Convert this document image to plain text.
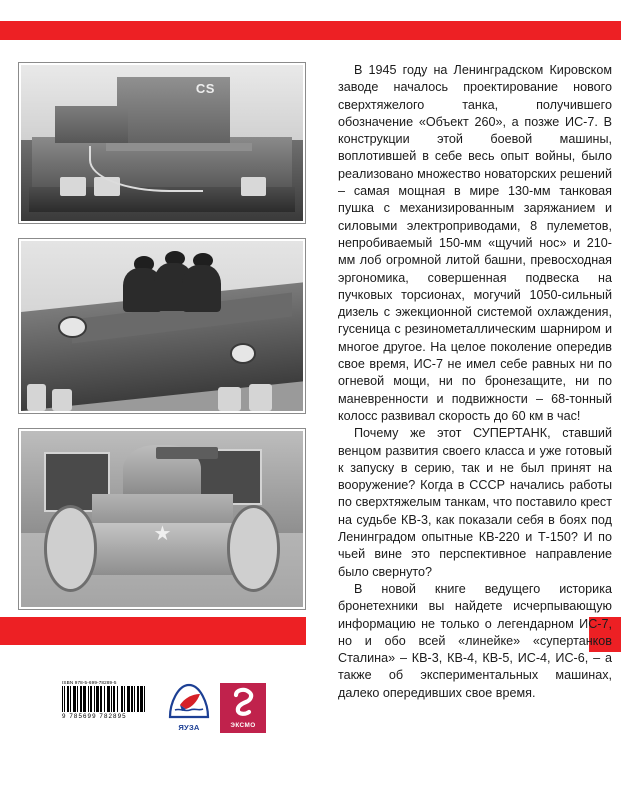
CS
★

В 1945 году на Ленинградском Кировском заводе началось проектирование нового сверхтяжелого танка, получившего обозначение «Объект 260», а позже ИС-7. В конструкции этой боевой машины, воплотившей в себе весь опыт войны, было реализовано множество новаторских решений – самая мощная в мире 130-мм танковая пушка с механизированным заряжанием и силовыми электроприводами, 8 пулеметов, непробиваемый 150-мм «щучий нос» и 210-мм лоб огромной литой башни, превосходная эргономика, совершенная подвеска на пучковых торсионах, могучий 1050-сильный дизель с эжекционной системой охлаждения, гусеница с резинометаллическим шарниром и многое другое. На целое поколение опередив свое время, ИС-7 не имел себе равных ни по огневой мощи, ни по бронезащите, ни по маневренности и подвижности – 68-тонный колосс развивал скорость до 60 км в час!

Почему же этот СУПЕРТАНК, ставший венцом развития своего класса и уже готовый к запуску в серию, так и не был принят на вооружение? Когда в СССР начались работы по сверхтяжелым танкам, что поставило крест на судьбе КВ-3, как показали себя в боях под Ленинградом опытные КВ-220 и Т-150? И по чьей вине это перспективное направление было свернуто?

В новой книге ведущего историка бронетехники вы найдете исчерпывающую информацию не только о легендарном ИС-7, но и обо всей «линейке» «супертанков Сталина» – КВ-3, КВ-4, КВ-5, ИС-4, ИС-6, – а также об экспериментальных машинах, далеко опередивших свое время.

ISBN 978-5-699-78289-5
9 785699 782895
ЯУЗА	ЭКСМО
